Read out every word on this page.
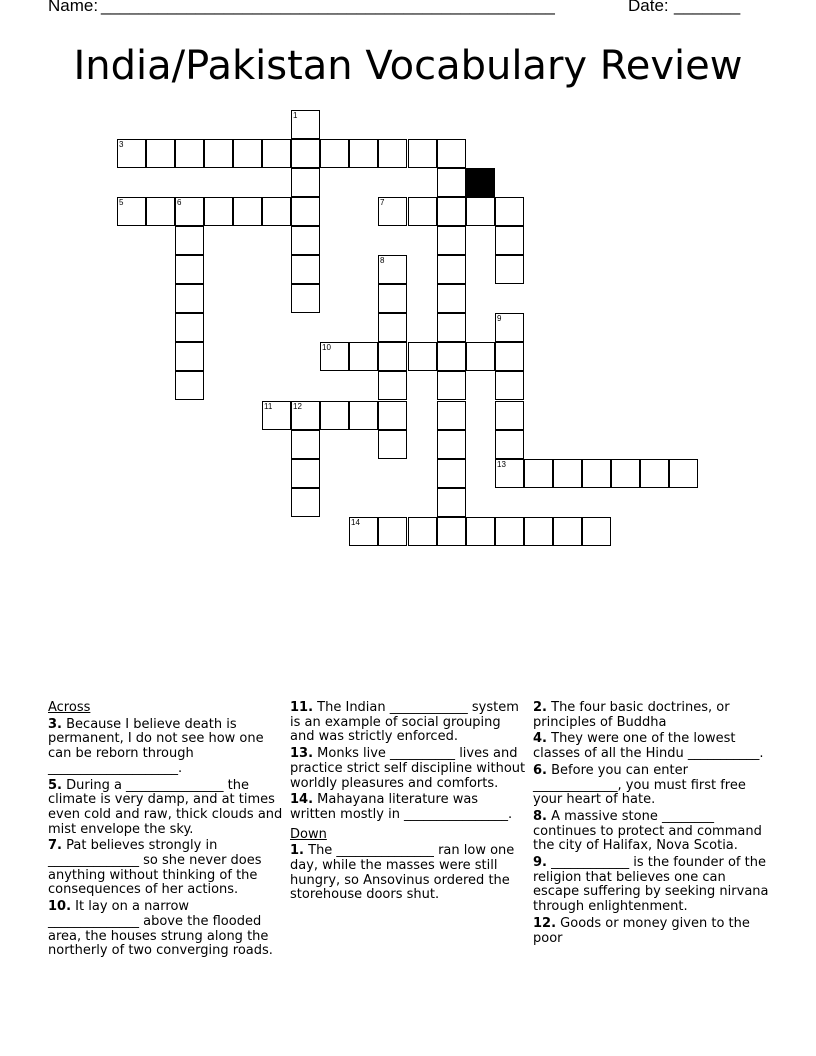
Name: ________________________________________________	Date: _______
India/Pakistan Vocabulary Review
1
3
5	6	7
8
9
10
11	12
13
14
Across
3. Because I believe death is permanent, I do not see how one can be reborn through ____________________.
5. During a _______________ the climate is very damp, and at times even cold and raw, thick clouds and mist envelope the sky.
7. Pat believes strongly in ______________ so she never does anything without thinking of the consequences of her actions.
10. It lay on a narrow ______________ above the flooded area, the houses strung along the northerly of two converging roads.
11. The Indian ____________ system is an example of social grouping and was strictly enforced.
13. Monks live __________ lives and practice strict self discipline without worldly pleasures and comforts.
14. Mahayana literature was written mostly in ________________.
Down
1. The _______________ ran low one day, while the masses were still hungry, so Ansovinus ordered the storehouse doors shut.
2. The four basic doctrines, or principles of Buddha
4. They were one of the lowest classes of all the Hindu ___________.
6. Before you can enter _____________, you must first free your heart of hate.
8. A massive stone ________ continues to protect and command the city of Halifax, Nova Scotia.
9. ____________ is the founder of the religion that believes one can escape suffering by seeking nirvana through enlightenment.
12. Goods or money given to the poor
